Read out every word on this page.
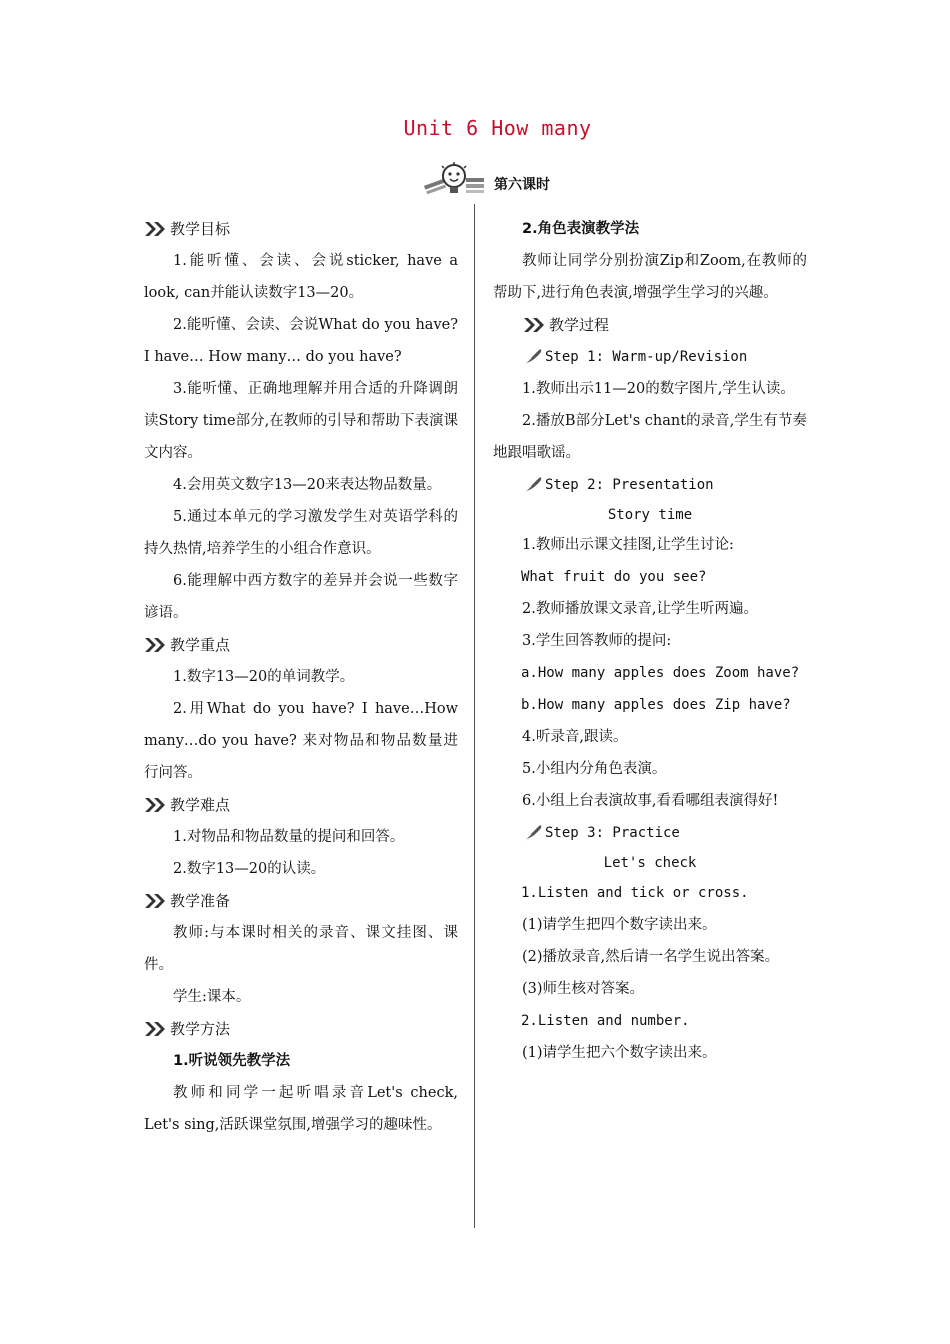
Unit 6 How many
第六课时
教学目标

1.能听懂、会读、会说sticker, have a look, can并能认读数字13—20。

2.能听懂、会读、会说What do you have? I have… How many… do you have?

3.能听懂、正确地理解并用合适的升降调朗读Story time部分,在教师的引导和帮助下表演课文内容。

4.会用英文数字13—20来表达物品数量。

5.通过本单元的学习激发学生对英语学科的持久热情,培养学生的小组合作意识。

6.能理解中西方数字的差异并会说一些数字谚语。

教学重点

1.数字13—20的单词教学。

2.用What do you have? I have…How many…do you have? 来对物品和物品数量进行问答。

教学难点

1.对物品和物品数量的提问和回答。

2.数字13—20的认读。

教学准备

教师:与本课时相关的录音、课文挂图、课件。

学生:课本。

教学方法

1.听说领先教学法

教师和同学一起听唱录音Let's check, Let's sing,活跃课堂氛围,增强学习的趣味性。

2.角色表演教学法

教师让同学分别扮演Zip和Zoom,在教师的帮助下,进行角色表演,增强学生学习的兴趣。

教学过程
Step 1: Warm-up/Revision

1.教师出示11—20的数字图片,学生认读。

2.播放B部分Let's chant的录音,学生有节奏地跟唱歌谣。

Step 2: Presentation
Story time

1.教师出示课文挂图,让学生讨论:

What fruit do you see?

2.教师播放课文录音,让学生听两遍。

3.学生回答教师的提问:

a.How many apples does Zoom have?

b.How many apples does Zip have?

4.听录音,跟读。

5.小组内分角色表演。

6.小组上台表演故事,看看哪组表演得好!

Step 3: Practice
Let's check

1.Listen and tick or cross.

(1)请学生把四个数字读出来。

(2)播放录音,然后请一名学生说出答案。

(3)师生核对答案。

2.Listen and number.

(1)请学生把六个数字读出来。
